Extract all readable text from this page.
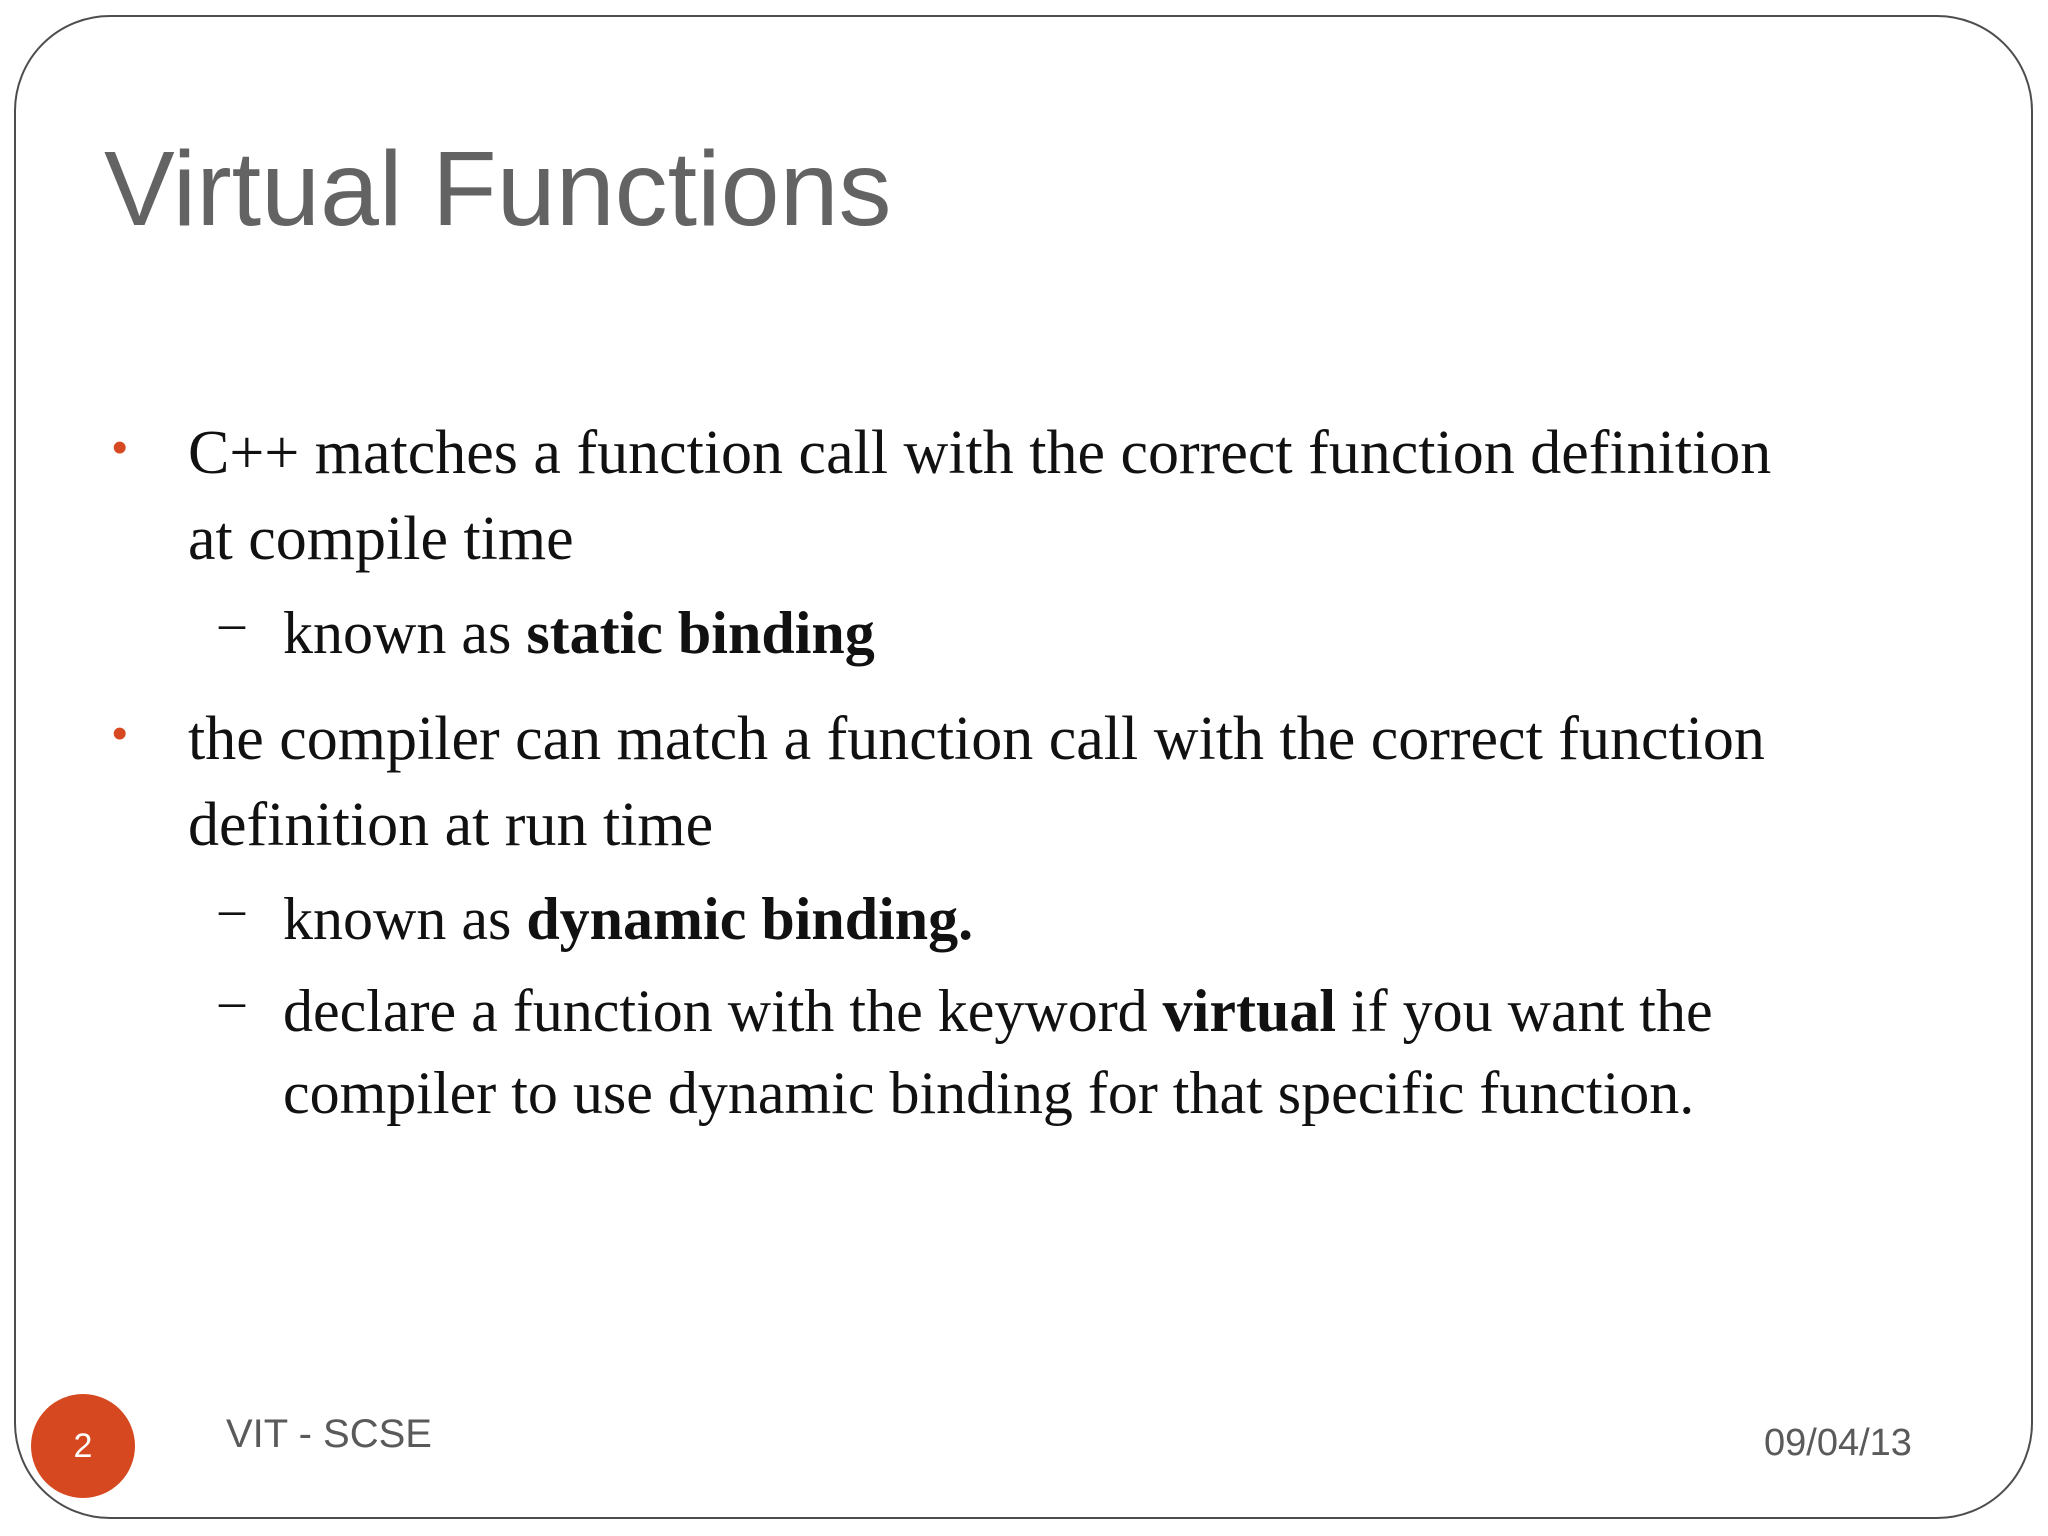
Virtual Functions
• C++ matches a function call with the correct function definition
at compile time
– known as static binding
• the compiler can match a function call with the correct function
definition at run time
– known as dynamic binding.
– declare a function with the keyword virtual if you want the
compiler to use dynamic binding for that specific function.
2	VIT - SCSE	09/04/13
